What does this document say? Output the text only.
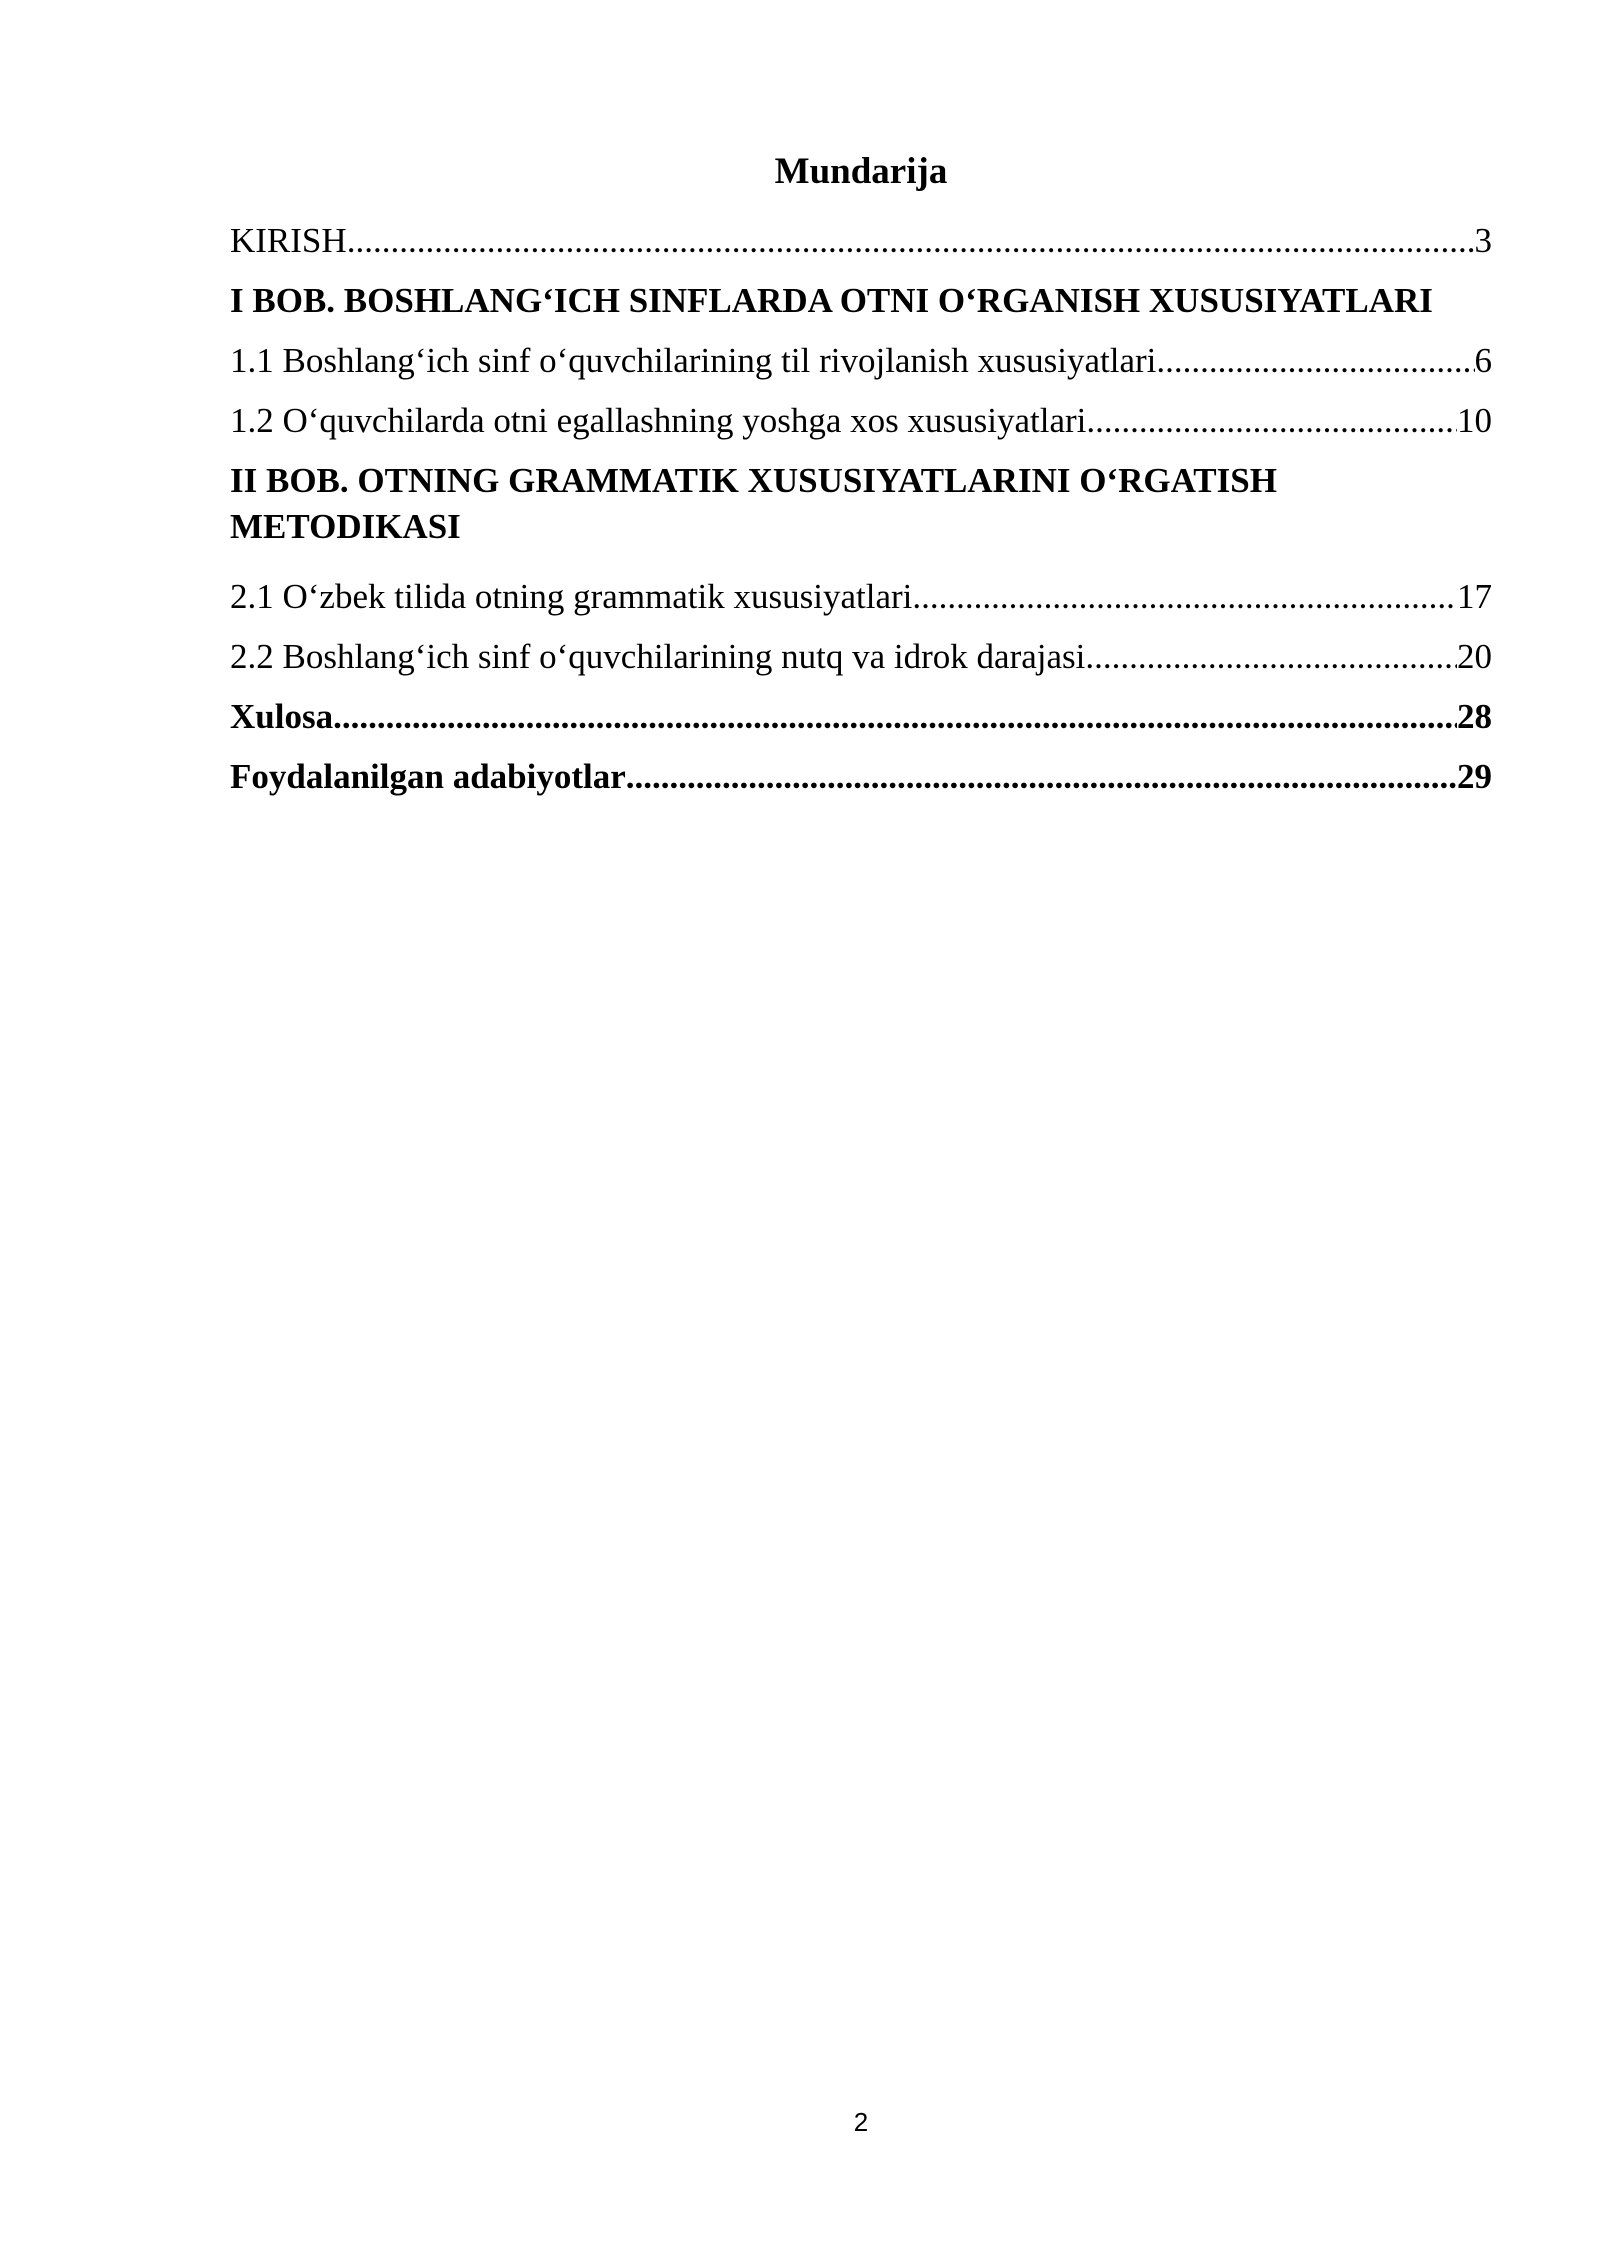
Mundarija
KIRISH .....	3
I BOB. BOSHLANG‘ICH SINFLARDA OTNI O‘RGANISH XUSUSIYATLARI
1.1 Boshlang‘ich sinf o‘quvchilarining til rivojlanish xususiyatlari .....	6
1.2 O‘quvchilarda otni egallashning yoshga xos xususiyatlari .....	10
II BOB. OTNING GRAMMATIK XUSUSIYATLARINI O‘RGATISH METODIKASI
2.1 O‘zbek tilida otning grammatik xususiyatlari .....	17
2.2 Boshlang‘ich sinf o‘quvchilarining nutq va idrok darajasi .....	20
Xulosa .....	28
Foydalanilgan adabiyotlar .....	29
2
